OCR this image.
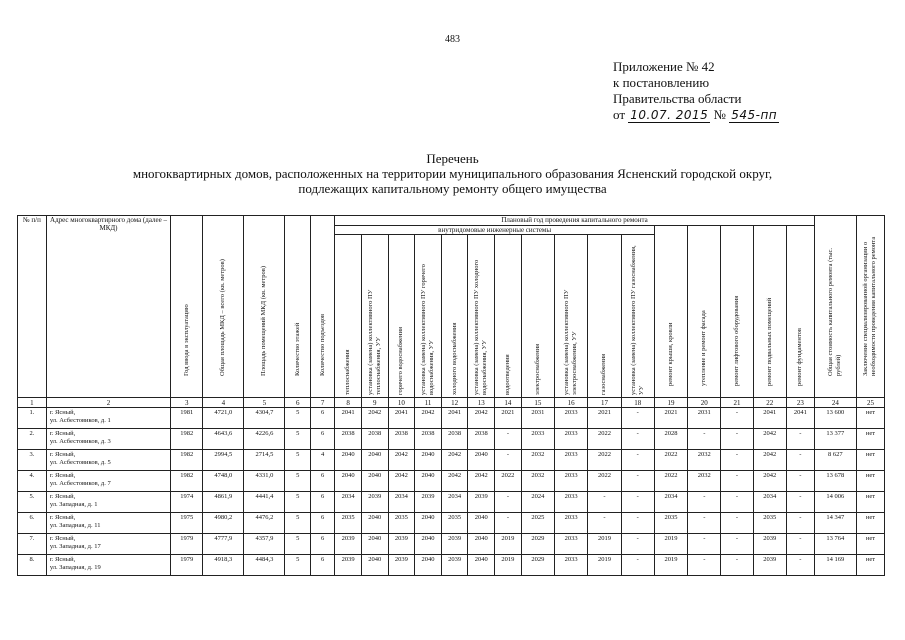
483
Приложение № 42
к постановлению
Правительства области
от 10.07. 2015 № 545-пп
Перечень
многоквартирных домов, расположенных на территории муниципального образования Ясненский городской округ,
подлежащих капитальному ремонту общего имущества
№ п/п	Адрес многоквартирного дома (далее – МКД)	Год ввода в эксплуатацию	Общая площадь МКД – всего (кв. метров)	Площадь помещений МКД (кв. метров)	Количество этажей	Количество подъездов	Плановый год проведения капитального ремонта																Общая стоимость капитального ремонта (тыс. рублей)	Заключение специализированной организации о необходимости проведения капитального ремонта

							внутридомовые инженерные системы											ремонт крыши, кровли	утепление и ремонт фасада	ремонт лифтового оборудования	ремонт подвальных помещений	ремонт фундаментов		

							теплоснабжения	установка (замена) коллективного ПУ теплоснабжения, УУ	горячего водоснабжения	установка (замена) коллективного ПУ горячего водоснабжения, УУ	холодного водоснабжения	установка (замена) коллективного ПУ холодного водоснабжения, УУ	водоотведения	электроснабжения	установка (замена) коллективного ПУ электроснабжения, УУ	газоснабжения	установка (замена) коллективного ПУ газоснабжения, УУ							

1	2	3	4	5	6	7	8	9	10	11	12	13	14	15	16	17	18	19	20	21	22	23	24	25
1.	г. Ясный,
ул. Асбестовиков, д. 1	1981	4721,0	4304,7	5	6	2041	2042	2041	2042	2041	2042	2021	2031	2033	2021	-	2021	2031	-	2041	2041	13 600	нет
2.	г. Ясный,
ул. Асбестовиков, д. 3	1982	4643,6	4226,6	5	6	2038	2038	2038	2038	2038	2038	-	2033	2033	2022	-	2028	-	-	2042	-	13 377	нет
3.	г. Ясный,
ул. Асбестовиков, д. 5	1982	2994,5	2714,5	5	4	2040	2040	2042	2040	2042	2040	-	2032	2033	2022	-	2022	2032	-	2042	-	8 627	нет
4.	г. Ясный,
ул. Асбестовиков, д. 7	1982	4748,0	4331,0	5	6	2040	2040	2042	2040	2042	2042	2022	2032	2033	2022	-	2022	2032	-	2042	-	13 678	нет
5.	г. Ясный,
ул. Западная, д. 1	1974	4861,9	4441,4	5	6	2034	2039	2034	2039	2034	2039	-	2024	2033	-	-	2034	-	-	2034	-	14 006	нет
6.	г. Ясный,
ул. Западная, д. 11	1975	4980,2	4476,2	5	6	2035	2040	2035	2040	2035	2040	-	2025	2033	-	-	2035	-	-	2035	-	14 347	нет
7.	г. Ясный,
ул. Западная, д. 17	1979	4777,9	4357,9	5	6	2039	2040	2039	2040	2039	2040	2019	2029	2033	2019	-	2019	-	-	2039	-	13 764	нет
8.	г. Ясный,
ул. Западная, д. 19	1979	4918,3	4484,3	5	6	2039	2040	2039	2040	2039	2040	2019	2029	2033	2019	-	2019	-	-	2039	-	14 169	нет
